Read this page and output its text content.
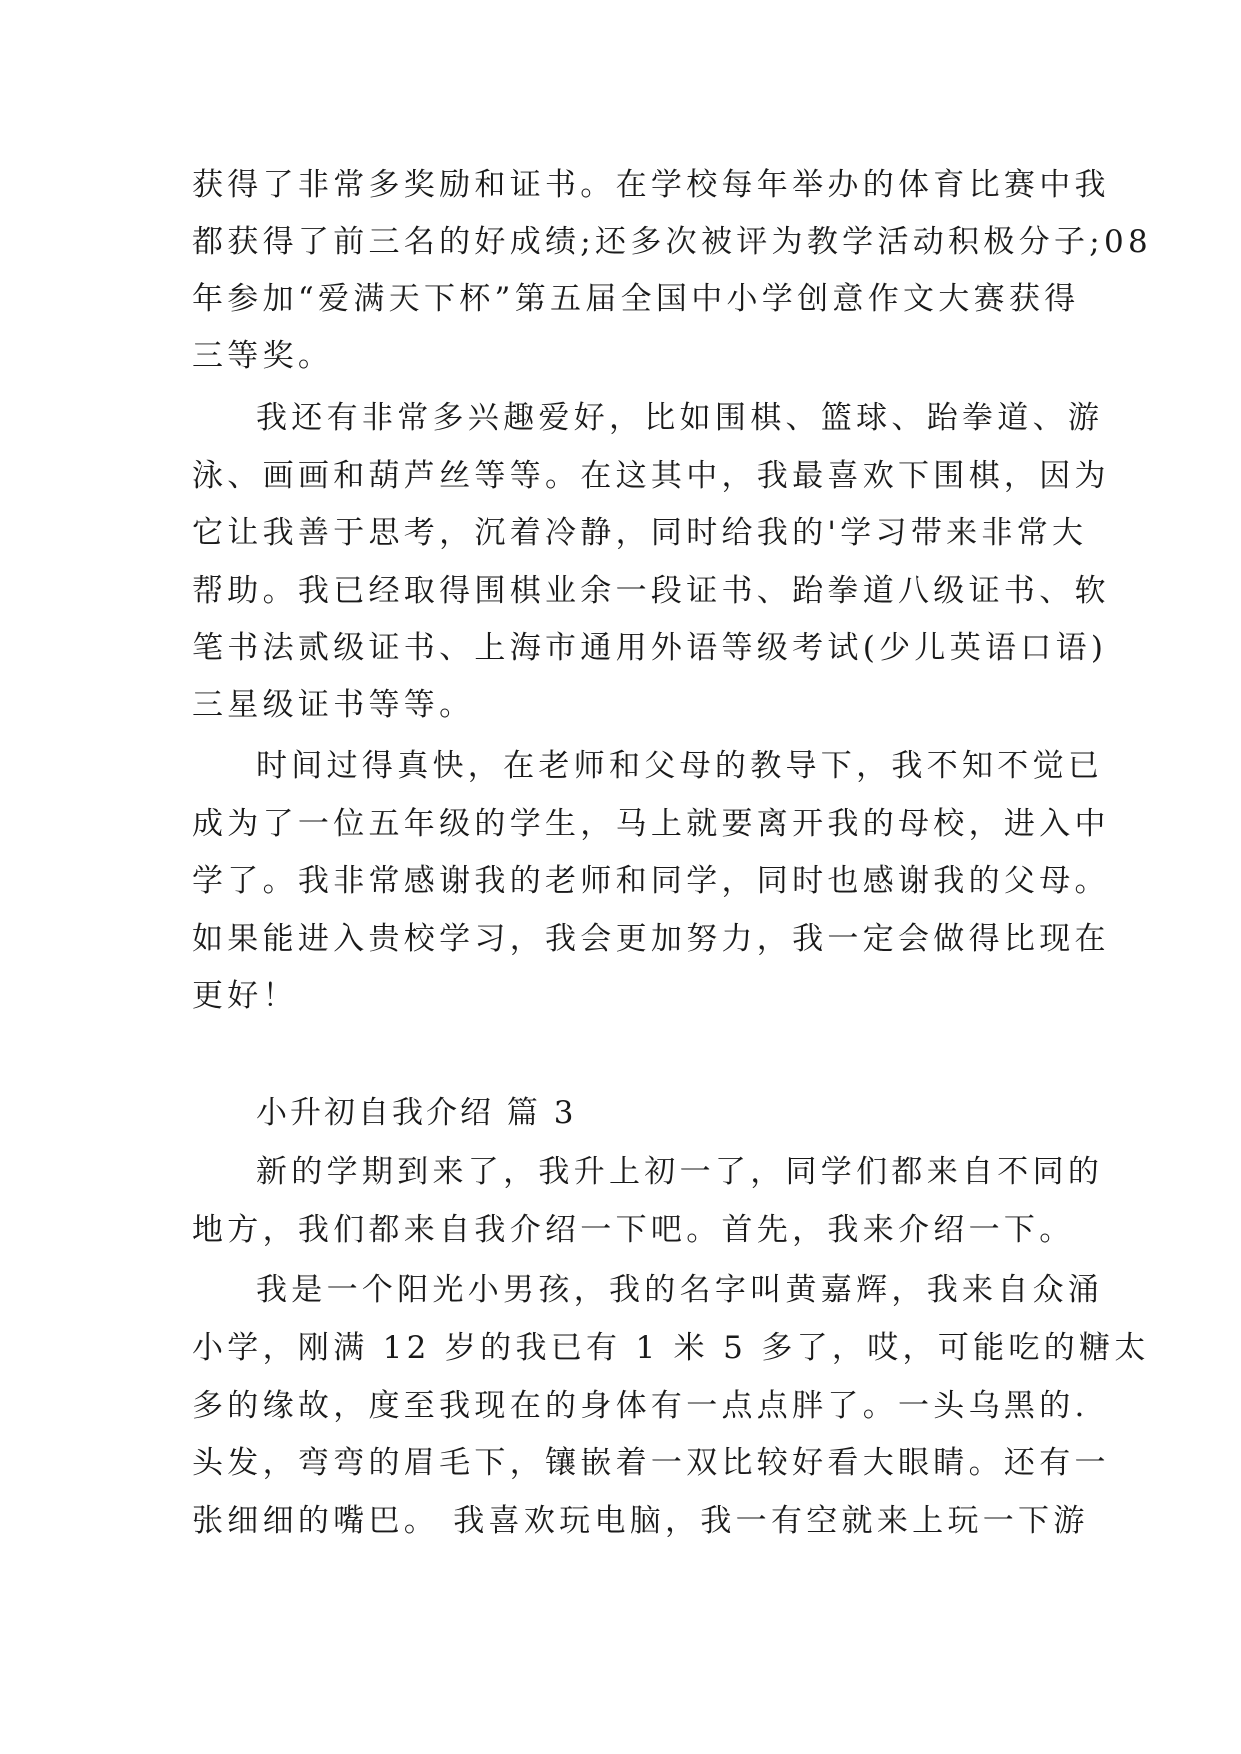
获得了非常多奖励和证书。在学校每年举办的体育比赛中我
都获得了前三名的好成绩;还多次被评为教学活动积极分子;08
年参加“爱满天下杯”第五届全国中小学创意作文大赛获得
三等奖。
我还有非常多兴趣爱好，比如围棋、篮球、跆拳道、游
泳、画画和葫芦丝等等。在这其中，我最喜欢下围棋，因为
它让我善于思考，沉着冷静，同时给我的'学习带来非常大
帮助。我已经取得围棋业余一段证书、跆拳道八级证书、软
笔书法贰级证书、上海市通用外语等级考试(少儿英语口语)
三星级证书等等。
时间过得真快，在老师和父母的教导下，我不知不觉已
成为了一位五年级的学生，马上就要离开我的母校，进入中
学了。我非常感谢我的老师和同学，同时也感谢我的父母。
如果能进入贵校学习，我会更加努力，我一定会做得比现在
更好！
小升初自我介绍 篇 3
新的学期到来了，我升上初一了，同学们都来自不同的
地方，我们都来自我介绍一下吧。首先，我来介绍一下。
我是一个阳光小男孩，我的名字叫黄嘉辉，我来自众涌
小学，刚满 12 岁的我已有 1 米 5 多了，哎，可能吃的糖太
多的缘故，度至我现在的身体有一点点胖了。一头乌黑的.
头发，弯弯的眉毛下，镶嵌着一双比较好看大眼睛。还有一
张细细的嘴巴。 我喜欢玩电脑，我一有空就来上玩一下游
